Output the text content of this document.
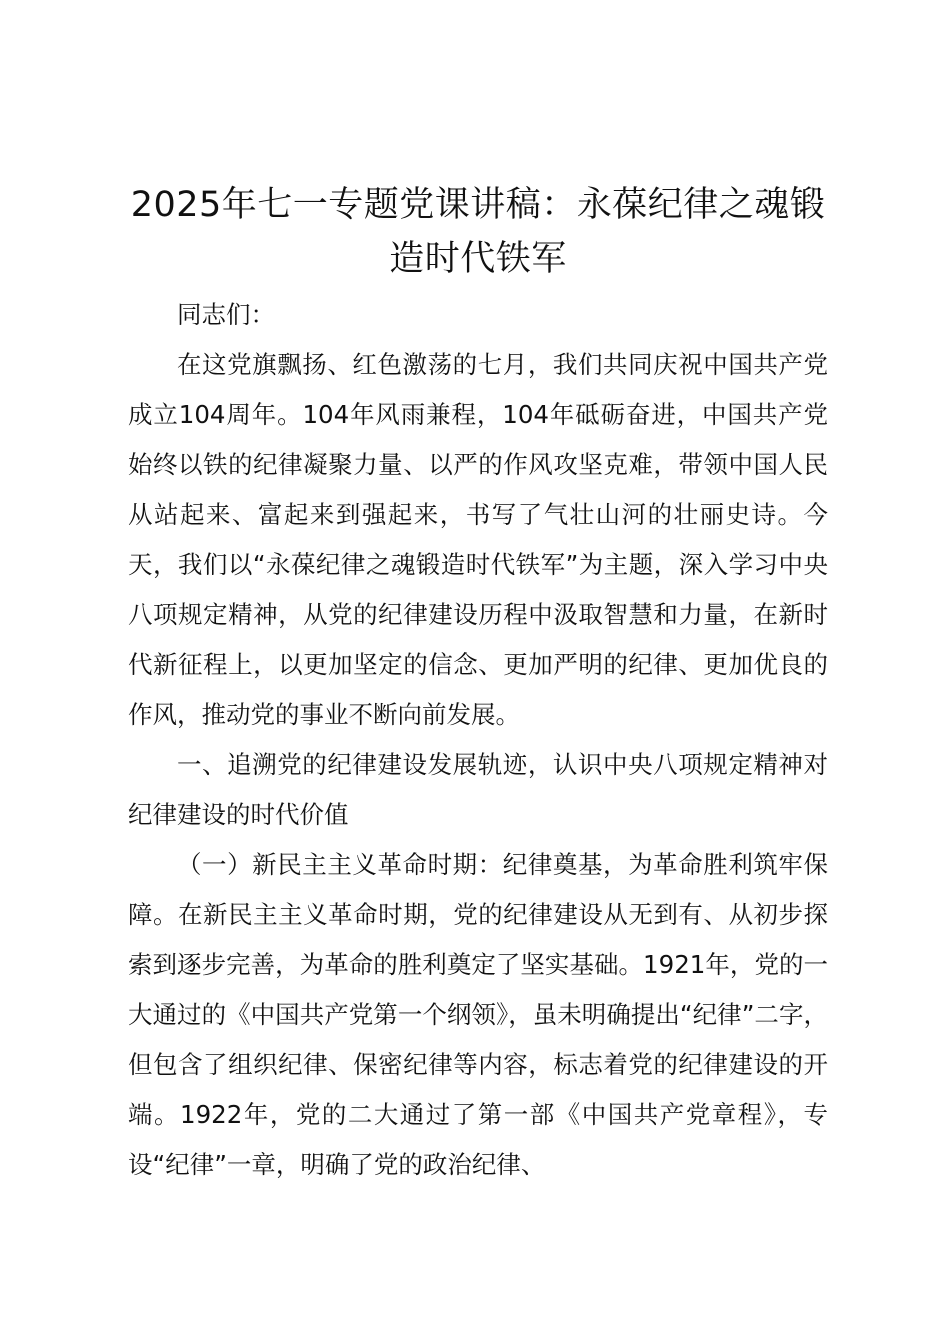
2025年七一专题党课讲稿：永葆纪律之魂锻造时代铁军

同志们：

在这党旗飘扬、红色激荡的七月，我们共同庆祝中国共产党成立104周年。104年风雨兼程，104年砥砺奋进，中国共产党始终以铁的纪律凝聚力量、以严的作风攻坚克难，带领中国人民从站起来、富起来到强起来，书写了气壮山河的壮丽史诗。今天，我们以“永葆纪律之魂锻造时代铁军”为主题，深入学习中央八项规定精神，从党的纪律建设历程中汲取智慧和力量，在新时代新征程上，以更加坚定的信念、更加严明的纪律、更加优良的作风，推动党的事业不断向前发展。

一、追溯党的纪律建设发展轨迹，认识中央八项规定精神对纪律建设的时代价值

（一）新民主主义革命时期：纪律奠基，为革命胜利筑牢保障。在新民主主义革命时期，党的纪律建设从无到有、从初步探索到逐步完善，为革命的胜利奠定了坚实基础。1921年，党的一大通过的《中国共产党第一个纲领》，虽未明确提出“纪律”二字，但包含了组织纪律、保密纪律等内容，标志着党的纪律建设的开端。1922年，党的二大通过了第一部《中国共产党章程》，专设“纪律”一章，明确了党的政治纪律、
